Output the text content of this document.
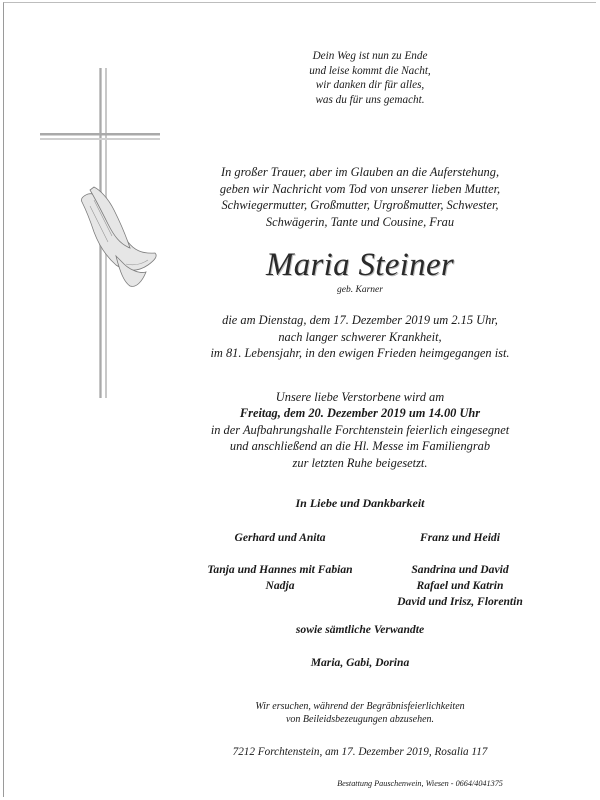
Dein Weg ist nun zu Ende
und leise kommt die Nacht,
wir danken dir für alles,
was du für uns gemacht.
In großer Trauer, aber im Glauben an die Auferstehung,
geben wir Nachricht vom Tod von unserer lieben Mutter,
Schwiegermutter, Großmutter, Urgroßmutter, Schwester,
Schwägerin, Tante und Cousine, Frau
Maria Steiner
geb. Karner
die am Dienstag, dem 17. Dezember 2019 um 2.15 Uhr,
nach langer schwerer Krankheit,
im 81. Lebensjahr, in den ewigen Frieden heimgegangen ist.
Unsere liebe Verstorbene wird am
Freitag, dem 20. Dezember 2019 um 14.00 Uhr
in der Aufbahrungshalle Forchtenstein feierlich eingesegnet
und anschließend an die Hl. Messe im Familiengrab
zur letzten Ruhe beigesetzt.
In Liebe und Dankbarkeit
Gerhard und Anita	Franz und Heidi
Tanja und Hannes mit Fabian
Nadja
Sandrina und David
Rafael und Katrin
David und Irisz, Florentin
sowie sämtliche Verwandte
Maria, Gabi, Dorina
Wir ersuchen, während der Begräbnisfeierlichkeiten
von Beileidsbezeugungen abzusehen.
7212 Forchtenstein, am 17. Dezember 2019, Rosalia 117
Bestattung Pauschenwein, Wiesen - 0664/4041375
